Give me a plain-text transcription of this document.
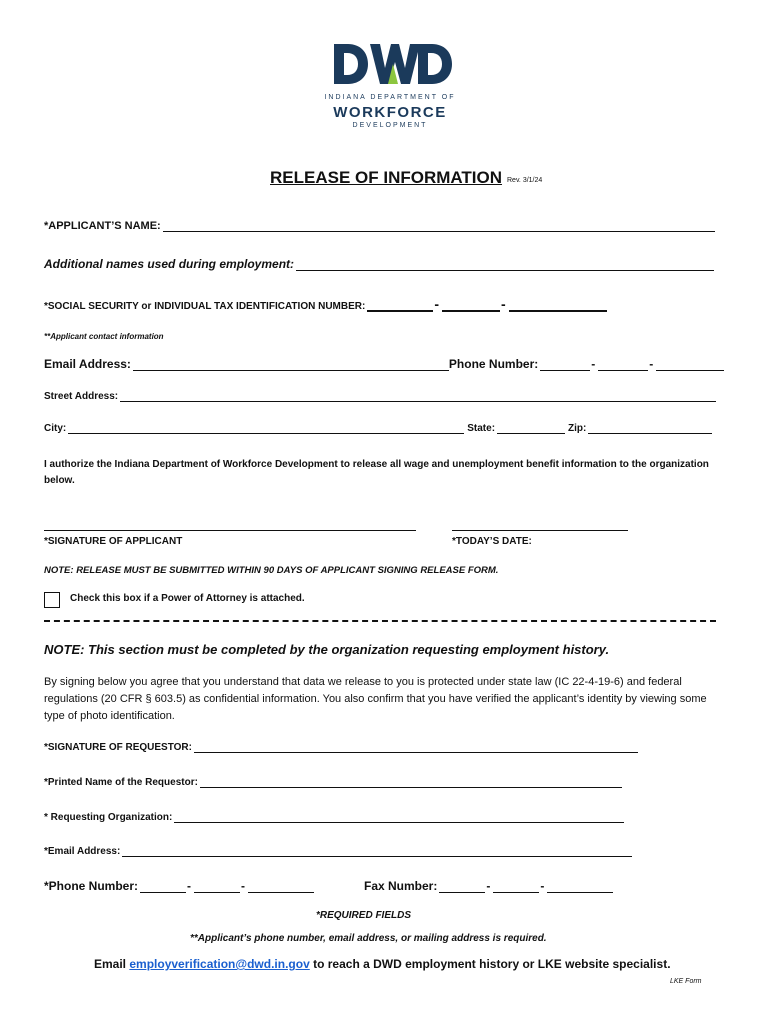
INDIANA DEPARTMENT OF
WORKFORCE
DEVELOPMENT
RELEASE OF INFORMATION Rev. 3/1/24
*APPLICANT’S NAME:
Additional names used during employment:
*SOCIAL SECURITY or INDIVIDUAL TAX IDENTIFICATION NUMBER:	-	-
**Applicant contact information
Email Address:	Phone Number:	-	-
Street Address:
City:	State:	Zip:
I authorize the Indiana Department of Workforce Development to release all wage and unemployment benefit information to the organization below.
*SIGNATURE OF APPLICANT	*TODAY’S DATE:
NOTE: RELEASE MUST BE SUBMITTED WITHIN 90 DAYS OF APPLICANT SIGNING RELEASE FORM.
Check this box if a Power of Attorney is attached.
NOTE: This section must be completed by the organization requesting employment history.
By signing below you agree that you understand that data we release to you is protected under state law (IC 22-4-19-6) and federal regulations (20 CFR § 603.5) as confidential information. You also confirm that you have verified the applicant’s identity by viewing some type of photo identification.
*SIGNATURE OF REQUESTOR:
*Printed Name of the Requestor:
* Requesting Organization:
*Email Address:
*Phone Number:	-	-	Fax Number:	-	-
*REQUIRED FIELDS
**Applicant’s phone number, email address, or mailing address is required.
Email employverification@dwd.in.gov to reach a DWD employment history or LKE website specialist.
LKE Form
